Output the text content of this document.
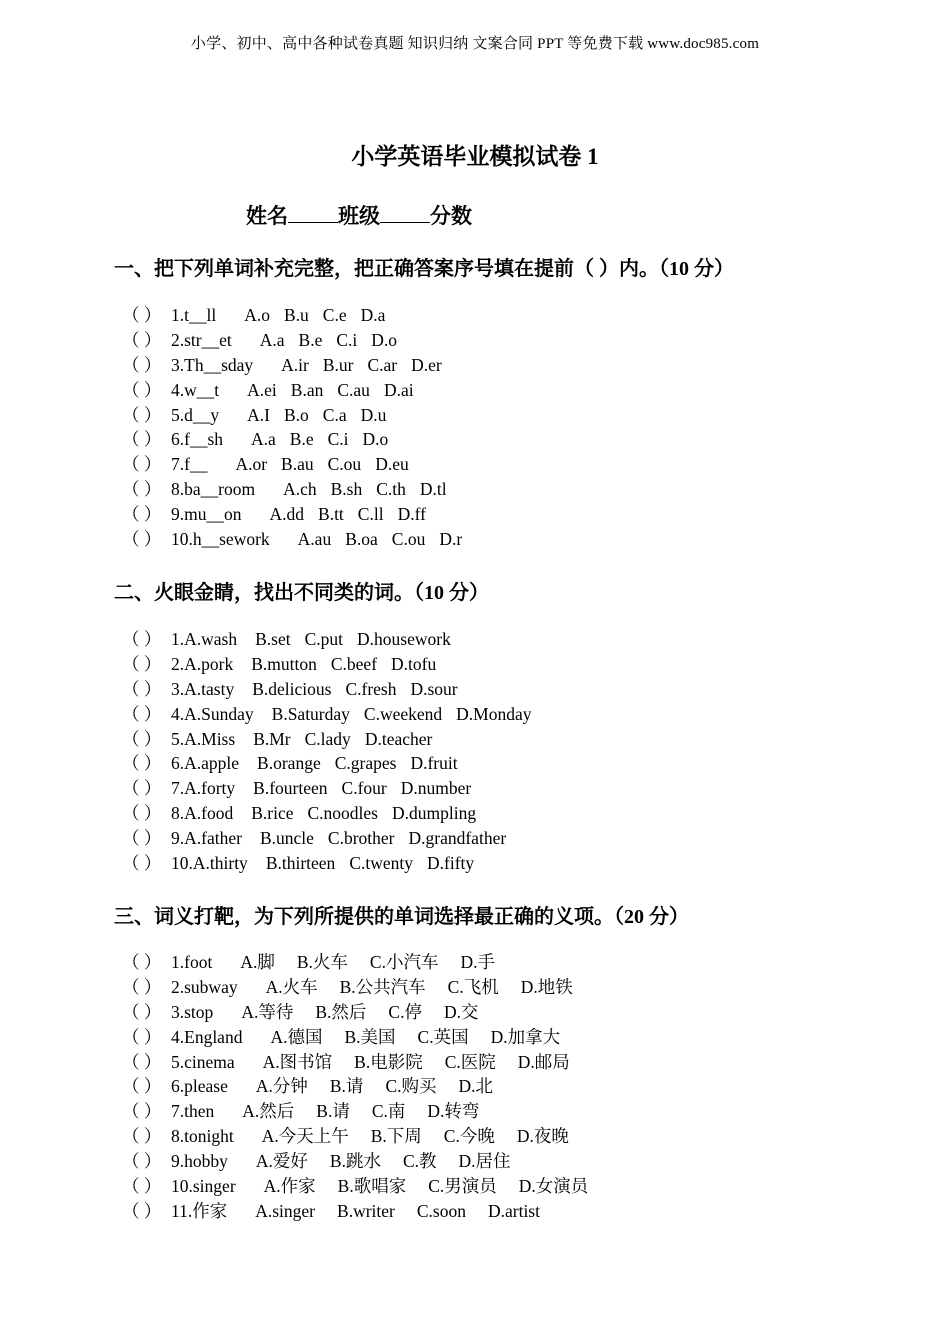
小学、初中、高中各种试卷真题 知识归纳 文案合同 PPT 等免费下载 www.doc985.com
小学英语毕业模拟试卷 1
姓名 班级 分数
一、把下列单词补充完整，把正确答案序号填在提前（ ）内。（10 分）
（ ） 1.t__ll A.o B.u C.e D.a
（ ） 2.str__et A.a B.e C.i D.o
（ ） 3.Th__sday A.ir B.ur C.ar D.er
（ ） 4.w__t A.ei B.an C.au D.ai
（ ） 5.d__y A.I B.o C.a D.u
（ ） 6.f__sh A.a B.e C.i D.o
（ ） 7.f__ A.or B.au C.ou D.eu
（ ） 8.ba__room A.ch B.sh C.th D.tl
（ ） 9.mu__on A.dd B.tt C.ll D.ff
（ ） 10.h__sework A.au B.oa C.ou D.r
二、火眼金睛，找出不同类的词。（10 分）
（ ） 1.A.wash B.set C.put D.housework
（ ） 2.A.pork B.mutton C.beef D.tofu
（ ） 3.A.tasty B.delicious C.fresh D.sour
（ ） 4.A.Sunday B.Saturday C.weekend D.Monday
（ ） 5.A.Miss B.Mr C.lady D.teacher
（ ） 6.A.apple B.orange C.grapes D.fruit
（ ） 7.A.forty B.fourteen C.four D.number
（ ） 8.A.food B.rice C.noodles D.dumpling
（ ） 9.A.father B.uncle C.brother D.grandfather
（ ） 10.A.thirty B.thirteen C.twenty D.fifty
三、词义打靶，为下列所提供的单词选择最正确的义项。（20 分）
（ ） 1.foot A.脚 B.火车 C.小汽车 D.手
（ ） 2.subway A.火车 B.公共汽车 C.飞机 D.地铁
（ ） 3.stop A.等待 B.然后 C.停 D.交
（ ） 4.England A.德国 B.美国 C.英国 D.加拿大
（ ） 5.cinema A.图书馆 B.电影院 C.医院 D.邮局
（ ） 6.please A.分钟 B.请 C.购买 D.北
（ ） 7.then A.然后 B.请 C.南 D.转弯
（ ） 8.tonight A.今天上午 B.下周 C.今晚 D.夜晚
（ ） 9.hobby A.爱好 B.跳水 C.教 D.居住
（ ） 10.singer A.作家 B.歌唱家 C.男演员 D.女演员
（ ） 11.作家 A.singer B.writer C.soon D.artist
